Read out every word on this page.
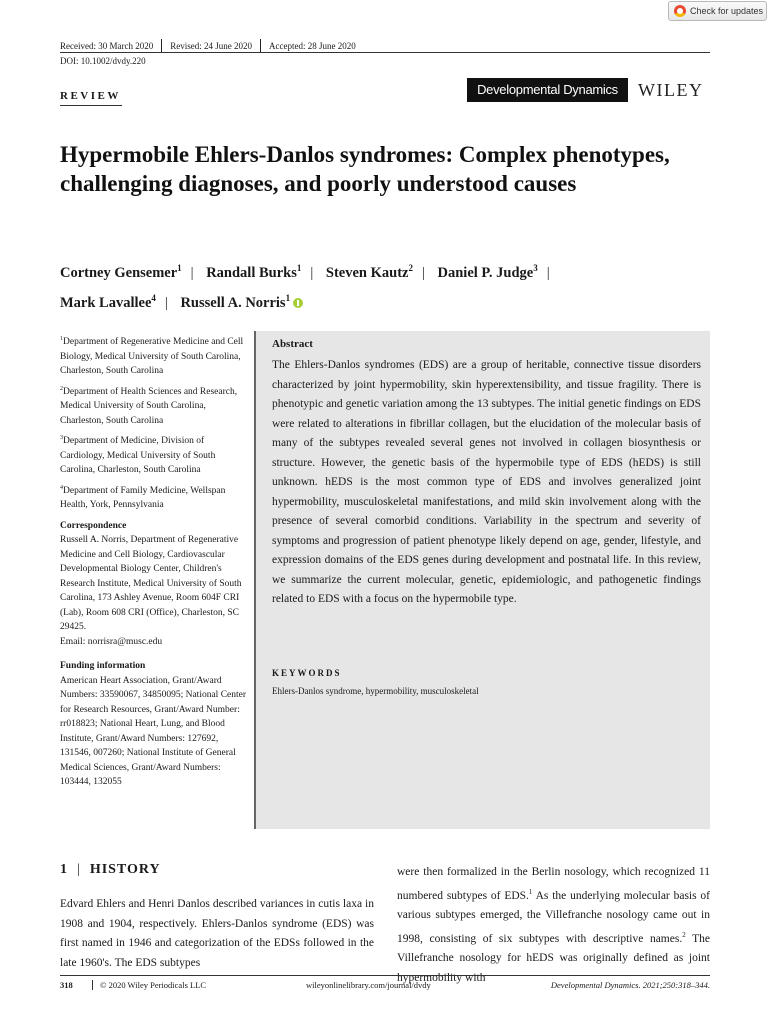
Check for updates
Received: 30 March 2020	Revised: 24 June 2020	Accepted: 28 June 2020
DOI: 10.1002/dvdy.220
REVIEW	Developmental Dynamics	WILEY
Hypermobile Ehlers-Danlos syndromes: Complex phenotypes, challenging diagnoses, and poorly understood causes
Cortney Gensemer$^1$ | Randall Burks$^1$ | Steven Kautz$^2$ | Daniel P. Judge$^3$ |
Mark Lavallee$^4$ | Russell A. Norris$^1$

$^1$Department of Regenerative Medicine and Cell Biology, Medical University of South Carolina, Charleston, South Carolina

$^2$Department of Health Sciences and Research, Medical University of South Carolina, Charleston, South Carolina

$^3$Department of Medicine, Division of Cardiology, Medical University of South Carolina, Charleston, South Carolina

$^4$Department of Family Medicine, Wellspan Health, York, Pennsylvania

Correspondence

Russell A. Norris, Department of Regenerative Medicine and Cell Biology, Cardiovascular Developmental Biology Center, Children's Research Institute, Medical University of South Carolina, 173 Ashley Avenue, Room 604F CRI (Lab), Room 608 CRI (Office), Charleston, SC 29425.

Email: norrisra@musc.edu

Funding information

American Heart Association, Grant/Award Numbers: 33590067, 34850095; National Center for Research Resources, Grant/Award Number: rr018823; National Heart, Lung, and Blood Institute, Grant/Award Numbers: 127692, 131546, 007260; National Institute of General Medical Sciences, Grant/Award Numbers: 103444, 132055

Abstract

The Ehlers-Danlos syndromes (EDS) are a group of heritable, connective tissue disorders characterized by joint hypermobility, skin hyperextensibility, and tissue fragility. There is phenotypic and genetic variation among the 13 subtypes. The initial genetic findings on EDS were related to alterations in fibrillar collagen, but the elucidation of the molecular basis of many of the subtypes revealed several genes not involved in collagen biosynthesis or structure. However, the genetic basis of the hypermobile type of EDS (hEDS) is still unknown. hEDS is the most common type of EDS and involves generalized joint hypermobility, musculoskeletal manifestations, and mild skin involvement along with the presence of several comorbid conditions. Variability in the spectrum and severity of symptoms and progression of patient phenotype likely depend on age, gender, lifestyle, and expression domains of the EDS genes during development and postnatal life. In this review, we summarize the current molecular, genetic, epidemiologic, and pathogenetic findings related to EDS with a focus on the hypermobile type.

KEYWORDS
Ehlers-Danlos syndrome, hypermobility, musculoskeletal
1 | HISTORY

Edvard Ehlers and Henri Danlos described variances in cutis laxa in 1908 and 1904, respectively. Ehlers-Danlos syndrome (EDS) was first named in 1946 and categorization of the EDSs followed in the late 1960's. The EDS subtypes

were then formalized in the Berlin nosology, which recognized 11 numbered subtypes of EDS.$^1$ As the underlying molecular basis of various subtypes emerged, the Villefranche nosology came out in 1998, consisting of six subtypes with descriptive names.$^2$ The Villefranche nosology for hEDS was originally defined as joint hypermobility with

318	© 2020 Wiley Periodicals LLC	wileyonlinelibrary.com/journal/dvdy	Developmental Dynamics. 2021;250:318–344.
